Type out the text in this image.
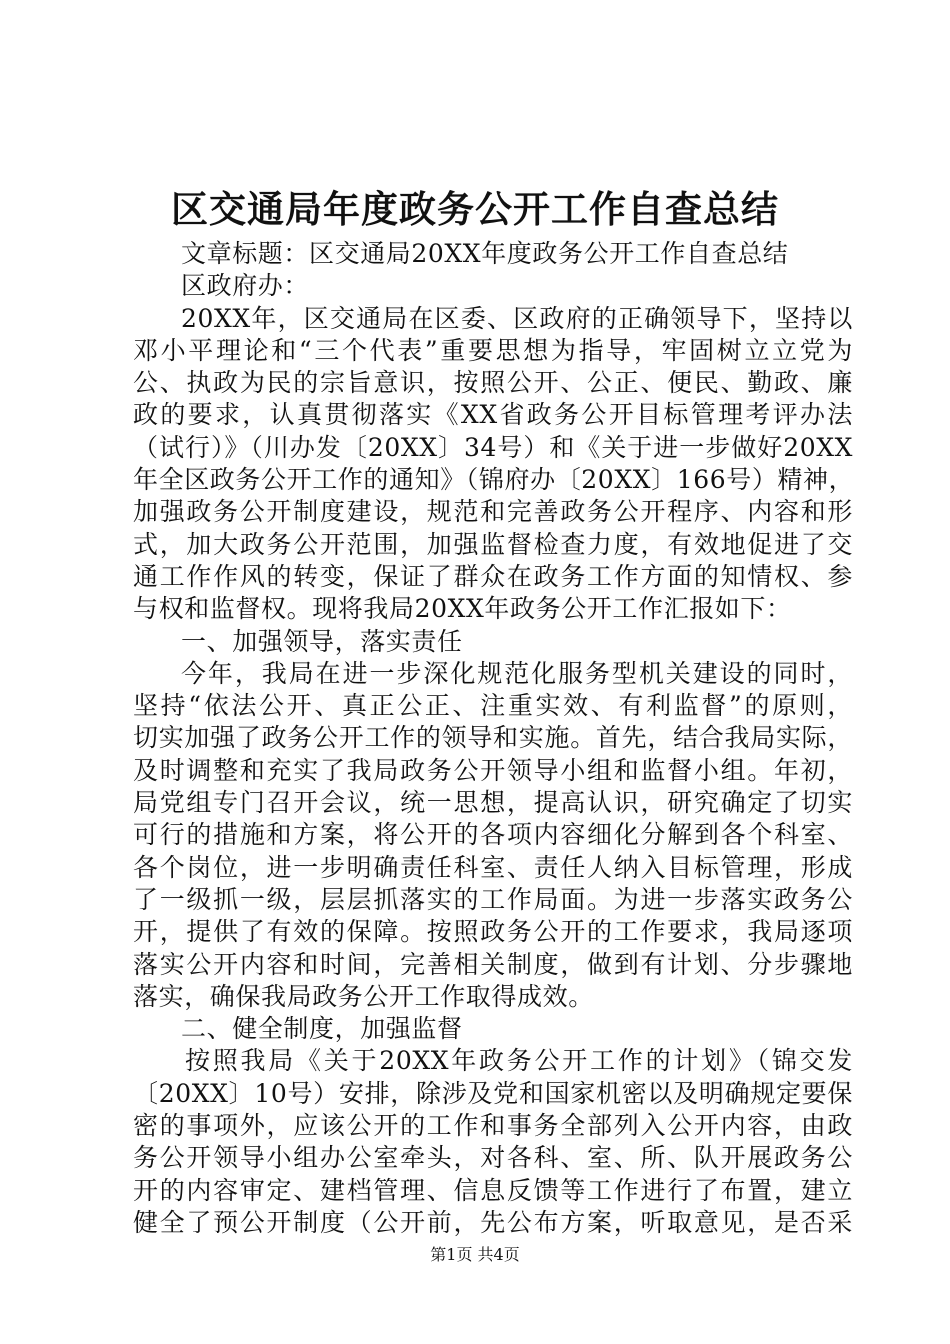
区交通局年度政务公开工作自查总结
文章标题：区交通局20XX年度政务公开工作自查总结
区政府办：
20XX年，区交通局在区委、区政府的正确领导下，坚持以
邓小平理论和“三个代表”重要思想为指导，牢固树立立党为
公、执政为民的宗旨意识，按照公开、公正、便民、勤政、廉
政的要求，认真贯彻落实《XX省政务公开目标管理考评办法
（试行）》（川办发〔20XX〕34号）和《关于进一步做好20XX
年全区政务公开工作的通知》（锦府办〔20XX〕166号）精神，
加强政务公开制度建设，规范和完善政务公开程序、内容和形
式，加大政务公开范围，加强监督检查力度，有效地促进了交
通工作作风的转变，保证了群众在政务工作方面的知情权、参
与权和监督权。现将我局20XX年政务公开工作汇报如下：
一、加强领导，落实责任
今年，我局在进一步深化规范化服务型机关建设的同时，
坚持“依法公开、真正公正、注重实效、有利监督”的原则，
切实加强了政务公开工作的领导和实施。首先，结合我局实际，
及时调整和充实了我局政务公开领导小组和监督小组。年初，
局党组专门召开会议，统一思想，提高认识，研究确定了切实
可行的措施和方案，将公开的各项内容细化分解到各个科室、
各个岗位，进一步明确责任科室、责任人纳入目标管理，形成
了一级抓一级，层层抓落实的工作局面。为进一步落实政务公
开，提供了有效的保障。按照政务公开的工作要求，我局逐项
落实公开内容和时间，完善相关制度，做到有计划、分步骤地
落实，确保我局政务公开工作取得成效。
二、健全制度，加强监督
按照我局《关于20XX年政务公开工作的计划》（锦交发
〔20XX〕10号）安排，除涉及党和国家机密以及明确规定要保
密的事项外，应该公开的工作和事务全部列入公开内容，由政
务公开领导小组办公室牵头，对各科、室、所、队开展政务公
开的内容审定、建档管理、信息反馈等工作进行了布置，建立
健全了预公开制度（公开前，先公布方案，听取意见，是否采
第1页 共4页
